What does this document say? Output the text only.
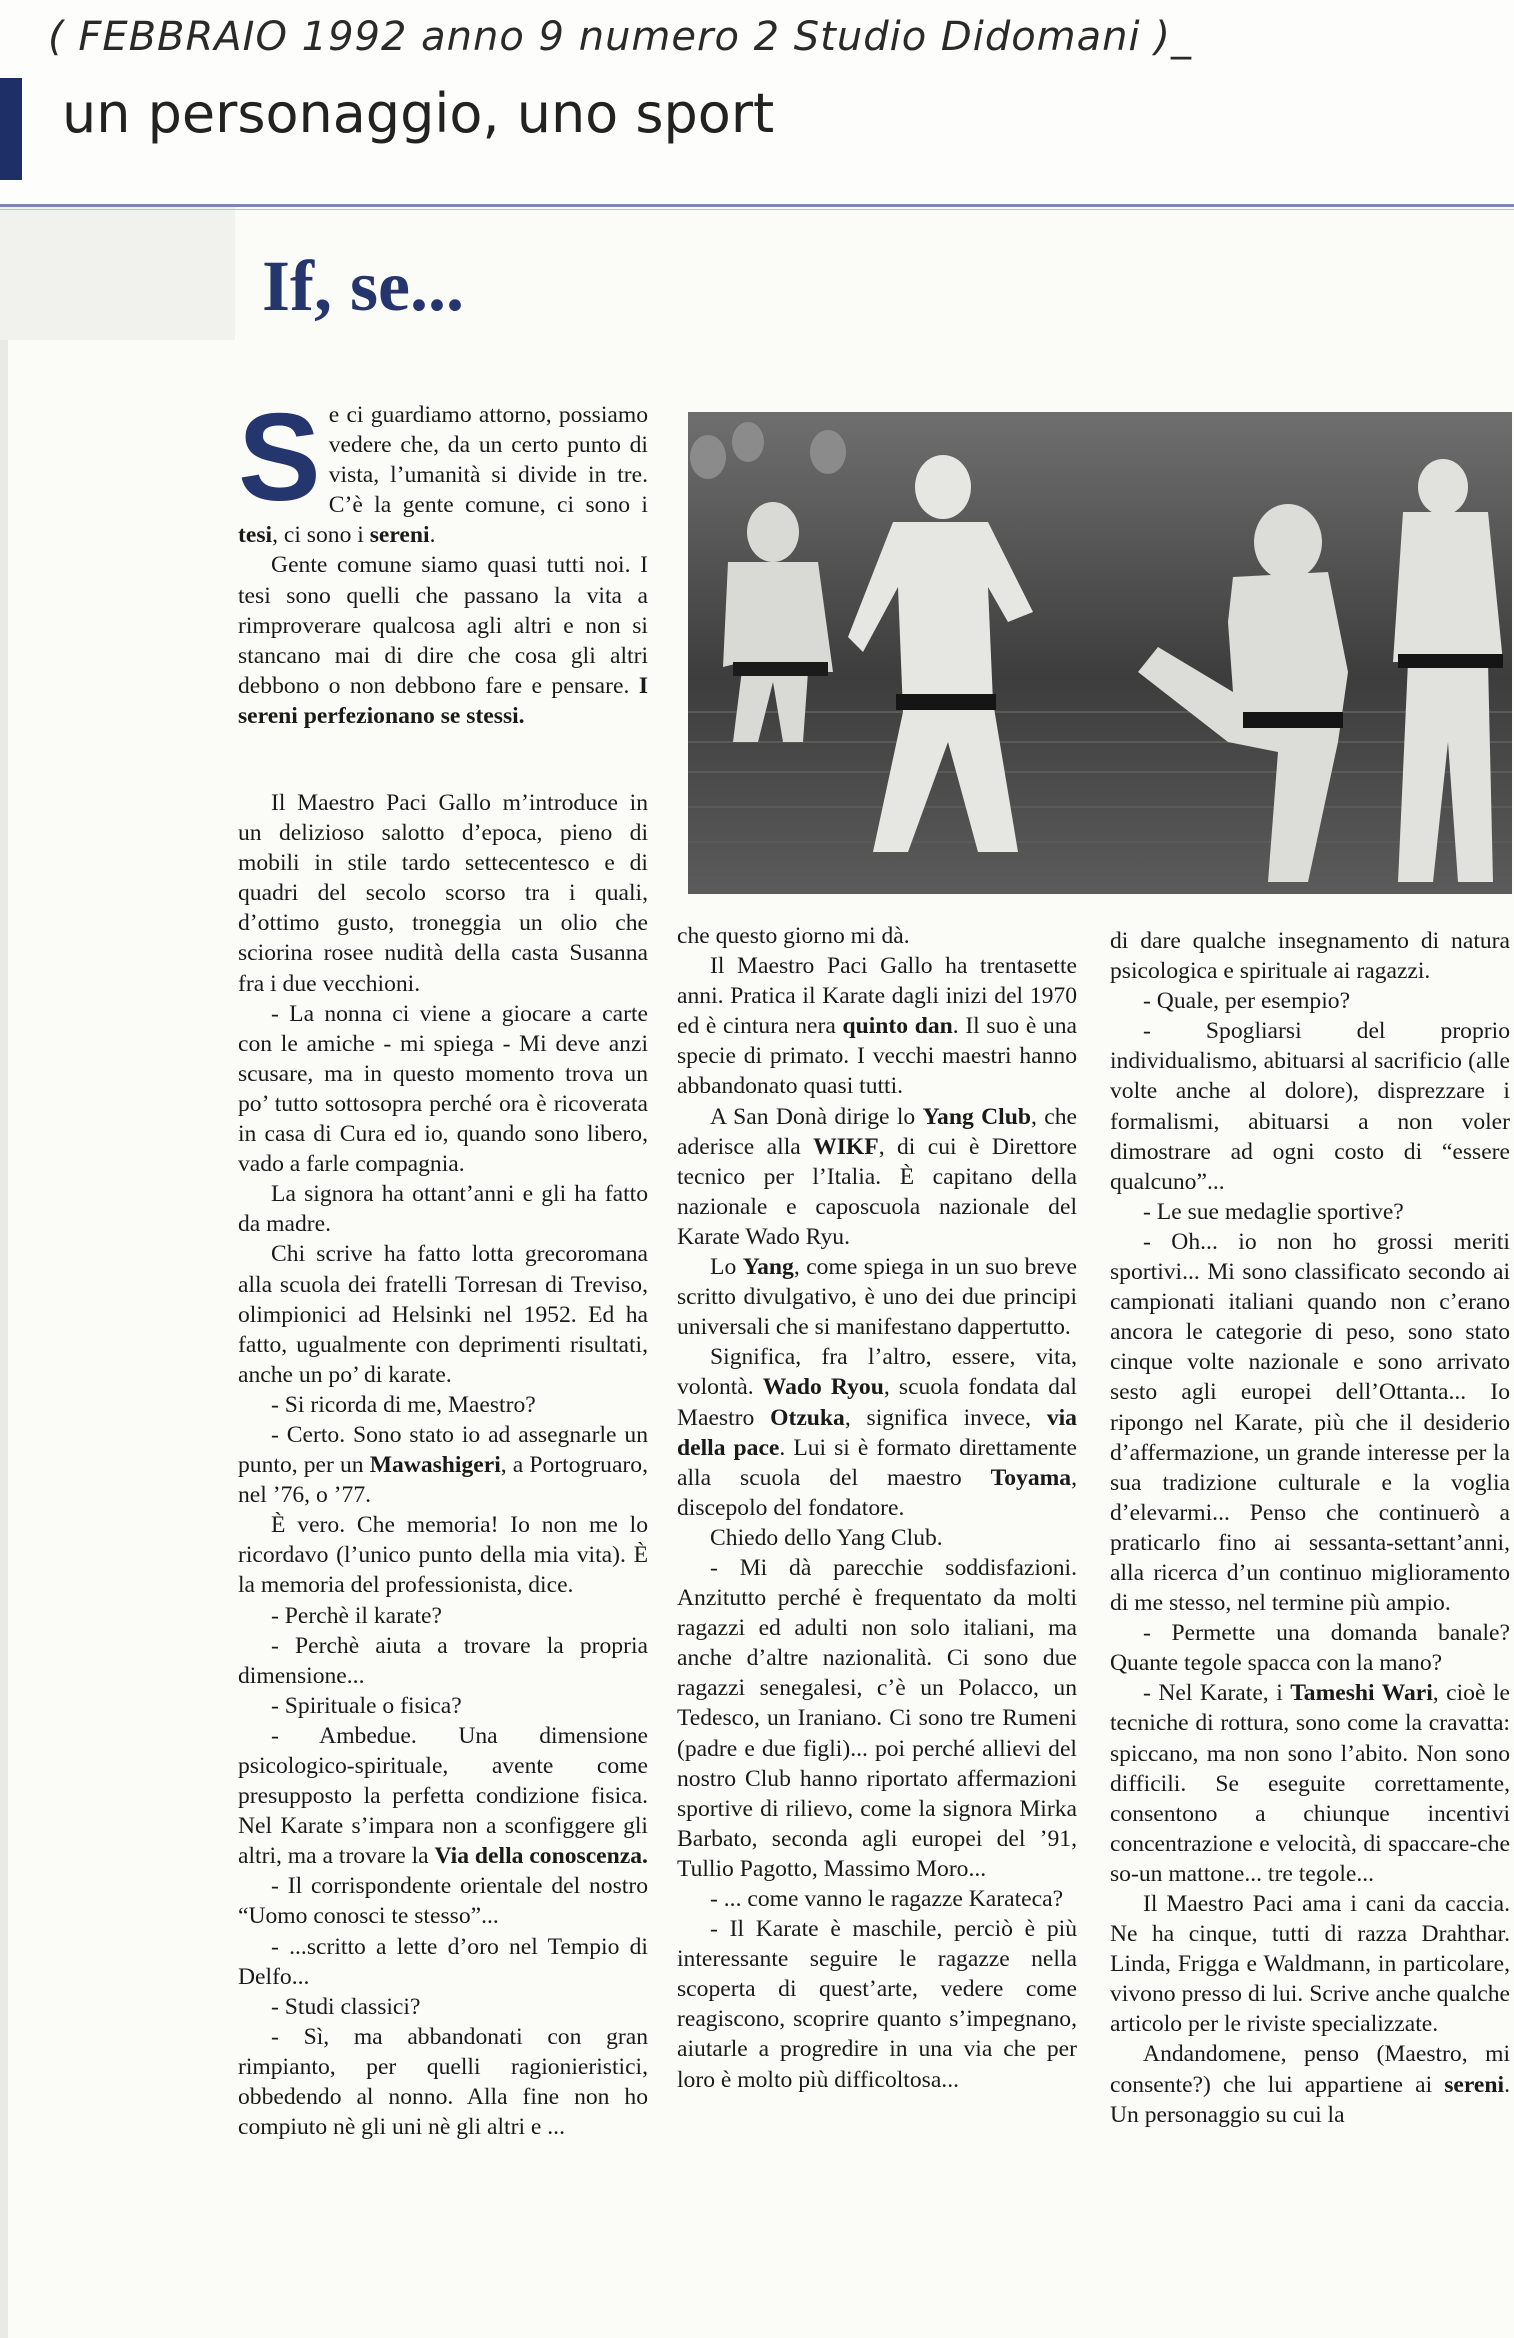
( FEBBRAIO 1992 anno 9 numero 2 Studio Didomani )_
un personaggio, uno sport
If, se...
S e ci guardiamo attorno, possiamo vedere che, da un certo punto di vista, l’umanità si divide in tre. C’è la gente comune, ci sono i tesi, ci sono i sereni.

Gente comune siamo quasi tutti noi. I tesi sono quelli che passano la vita a rimproverare qualcosa agli altri e non si stancano mai di dire che cosa gli altri debbono o non debbono fare e pensare. I sereni perfezionano se stessi.

Il Maestro Paci Gallo m’introduce in un delizioso salotto d’epoca, pieno di mobili in stile tardo settecentesco e di quadri del secolo scorso tra i quali, d’ottimo gusto, troneggia un olio che sciorina rosee nudità della casta Susanna fra i due vecchioni.

- La nonna ci viene a giocare a carte con le amiche - mi spiega - Mi deve anzi scusare, ma in questo momento trova un po’ tutto sottosopra perché ora è ricoverata in casa di Cura ed io, quando sono libero, vado a farle compagnia.

La signora ha ottant’anni e gli ha fatto da madre.

Chi scrive ha fatto lotta grecoromana alla scuola dei fratelli Torresan di Treviso, olimpionici ad Helsinki nel 1952. Ed ha fatto, ugualmente con deprimenti risultati, anche un po’ di karate.

- Si ricorda di me, Maestro?

- Certo. Sono stato io ad assegnarle un punto, per un Mawashigeri, a Portogruaro, nel ’76, o ’77.

È vero. Che memoria! Io non me lo ricordavo (l’unico punto della mia vita). È la memoria del professionista, dice.

- Perchè il karate?

- Perchè aiuta a trovare la propria dimensione...

- Spirituale o fisica?

- Ambedue. Una dimensione psicologico-spirituale, avente come presupposto la perfetta condizione fisica. Nel Karate s’impara non a sconfiggere gli altri, ma a trovare la Via della conoscenza.

- Il corrispondente orientale del nostro “Uomo conosci te stesso”...

- ...scritto a lette d’oro nel Tempio di Delfo...

- Studi classici?

- Sì, ma abbandonati con gran rimpianto, per quelli ragionieristici, obbedendo al nonno. Alla fine non ho compiuto nè gli uni nè gli altri e ...

che questo giorno mi dà.

Il Maestro Paci Gallo ha trentasette anni. Pratica il Karate dagli inizi del 1970 ed è cintura nera quinto dan. Il suo è una specie di primato. I vecchi maestri hanno abbandonato quasi tutti.

A San Donà dirige lo Yang Club, che aderisce alla WIKF, di cui è Direttore tecnico per l’Italia. È capitano della nazionale e caposcuola nazionale del Karate Wado Ryu.

Lo Yang, come spiega in un suo breve scritto divulgativo, è uno dei due principi universali che si manifestano dappertutto.

Significa, fra l’altro, essere, vita, volontà. Wado Ryou, scuola fondata dal Maestro Otzuka, significa invece, via della pace. Lui si è formato direttamente alla scuola del maestro Toyama, discepolo del fondatore.

Chiedo dello Yang Club.

- Mi dà parecchie soddisfazioni. Anzitutto perché è frequentato da molti ragazzi ed adulti non solo italiani, ma anche d’altre nazionalità. Ci sono due ragazzi senegalesi, c’è un Polacco, un Tedesco, un Iraniano. Ci sono tre Rumeni (padre e due figli)... poi perché allievi del nostro Club hanno riportato affermazioni sportive di rilievo, come la signora Mirka Barbato, seconda agli europei del ’91, Tullio Pagotto, Massimo Moro...

- ... come vanno le ragazze Karateca?

- Il Karate è maschile, perciò è più interessante seguire le ragazze nella scoperta di quest’arte, vedere come reagiscono, scoprire quanto s’impegnano, aiutarle a progredire in una via che per loro è molto più difficoltosa...

di dare qualche insegnamento di natura psicologica e spirituale ai ragazzi.

- Quale, per esempio?

- Spogliarsi del proprio individualismo, abituarsi al sacrificio (alle volte anche al dolore), disprezzare i formalismi, abituarsi a non voler dimostrare ad ogni costo di “essere qualcuno”...

- Le sue medaglie sportive?

- Oh... io non ho grossi meriti sportivi... Mi sono classificato secondo ai campionati italiani quando non c’erano ancora le categorie di peso, sono stato cinque volte nazionale e sono arrivato sesto agli europei dell’Ottanta... Io ripongo nel Karate, più che il desiderio d’affermazione, un grande interesse per la sua tradizione culturale e la voglia d’elevarmi... Penso che continuerò a praticarlo fino ai sessanta-settant’anni, alla ricerca d’un continuo miglioramento di me stesso, nel termine più ampio.

- Permette una domanda banale? Quante tegole spacca con la mano?

- Nel Karate, i Tameshi Wari, cioè le tecniche di rottura, sono come la cravatta: spiccano, ma non sono l’abito. Non sono difficili. Se eseguite correttamente, consentono a chiunque incentivi concentrazione e velocità, di spaccare-che so-un mattone... tre tegole...

Il Maestro Paci ama i cani da caccia. Ne ha cinque, tutti di razza Drahthar. Linda, Frigga e Waldmann, in particolare, vivono presso di lui. Scrive anche qualche articolo per le riviste specializzate.

Andandomene, penso (Maestro, mi consente?) che lui appartiene ai sereni. Un personaggio su cui la
